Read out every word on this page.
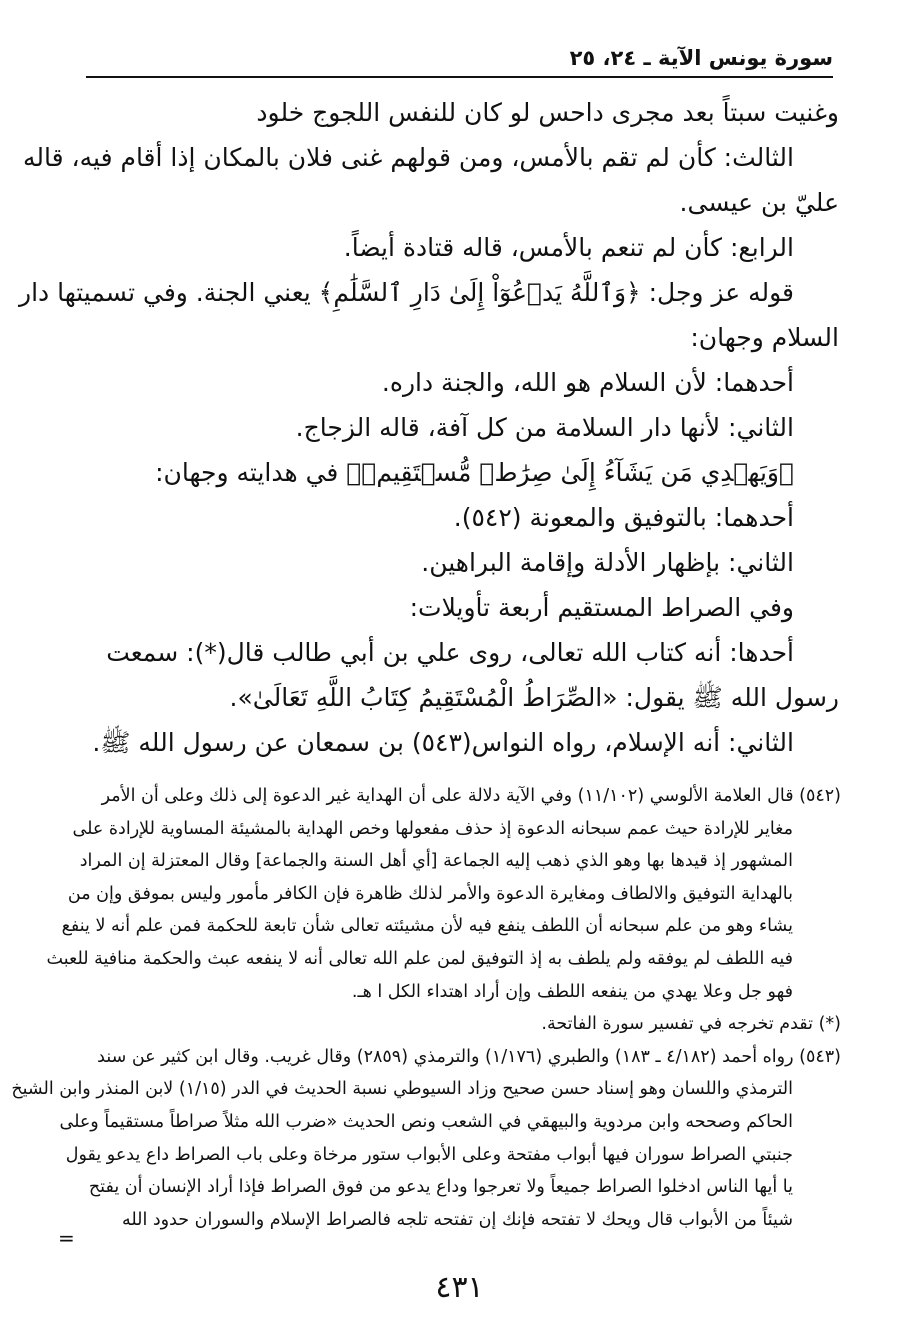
سورة يونس الآية ـ ٢٤، ٢٥
وغنيت سبتاً بعد مجرى داحس لو كان للنفس اللجوج خلود
الثالث: كأن لم تقم بالأمس، ومن قولهم غنى فلان بالمكان إذا أقام فيه، قاله
عليّ بن عيسى.
الرابع: كأن لم تنعم بالأمس، قاله قتادة أيضاً.
قوله عز وجل: ﴿وَٱللَّهُ يَدۡعُوٓاْ إِلَىٰ دَارِ ٱلسَّلَٰمِ﴾ يعني الجنة. وفي تسميتها دار
السلام وجهان:
أحدهما: لأن السلام هو الله، والجنة داره.
الثاني: لأنها دار السلامة من كل آفة، قاله الزجاج.
﴿وَيَهۡدِي مَن يَشَآءُ إِلَىٰ صِرَٰطٖ مُّسۡتَقِيمٖ﴾ في هدايته وجهان:
أحدهما: بالتوفيق والمعونة (٥٤٢).
الثاني: بإظهار الأدلة وإقامة البراهين.
وفي الصراط المستقيم أربعة تأويلات:
أحدها: أنه كتاب الله تعالى، روى علي بن أبي طالب قال(*): سمعت
رسول الله ﷺ يقول: «الصِّرَاطُ الْمُسْتَقِيمُ كِتَابُ اللَّهِ تَعَالَىٰ».
الثاني: أنه الإسلام، رواه النواس(٥٤٣) بن سمعان عن رسول الله ﷺ.
(٥٤٢) قال العلامة الألوسي (١١/١٠٢) وفي الآية دلالة على أن الهداية غير الدعوة إلى ذلك وعلى أن الأمر
مغاير للإرادة حيث عمم سبحانه الدعوة إذ حذف مفعولها وخص الهداية بالمشيئة المساوية للإرادة على
المشهور إذ قيدها بها وهو الذي ذهب إليه الجماعة [أي أهل السنة والجماعة] وقال المعتزلة إن المراد
بالهداية التوفيق والالطاف ومغايرة الدعوة والأمر لذلك ظاهرة فإن الكافر مأمور وليس بموفق وإن من
يشاء وهو من علم سبحانه أن اللطف ينفع فيه لأن مشيئته تعالى شأن تابعة للحكمة فمن علم أنه لا ينفع
فيه اللطف لم يوفقه ولم يلطف به إذ التوفيق لمن علم الله تعالى أنه لا ينفعه عبث والحكمة منافية للعبث
فهو جل وعلا يهدي من ينفعه اللطف وإن أراد اهتداء الكل ا هـ.
(*) تقدم تخرجه في تفسير سورة الفاتحة.
(٥٤٣) رواه أحمد (٤/١٨٢ ـ ١٨٣) والطبري (١/١٧٦) والترمذي (٢٨٥٩) وقال غريب. وقال ابن كثير عن سند
الترمذي واللسان وهو إسناد حسن صحيح وزاد السيوطي نسبة الحديث في الدر (١/١٥) لابن المنذر وابن الشيخ
الحاكم وصححه وابن مردوية والبيهقي في الشعب ونص الحديث «ضرب الله مثلاً صراطاً مستقيماً وعلى
جنبتي الصراط سوران فيها أبواب مفتحة وعلى الأبواب ستور مرخاة وعلى باب الصراط داع يدعو يقول
يا أيها الناس ادخلوا الصراط جميعاً ولا تعرجوا وداع يدعو من فوق الصراط فإذا أراد الإنسان أن يفتح
شيئاً من الأبواب قال ويحك لا تفتحه فإنك إن تفتحه تلجه فالصراط الإسلام والسوران حدود الله
=
٤٣١
